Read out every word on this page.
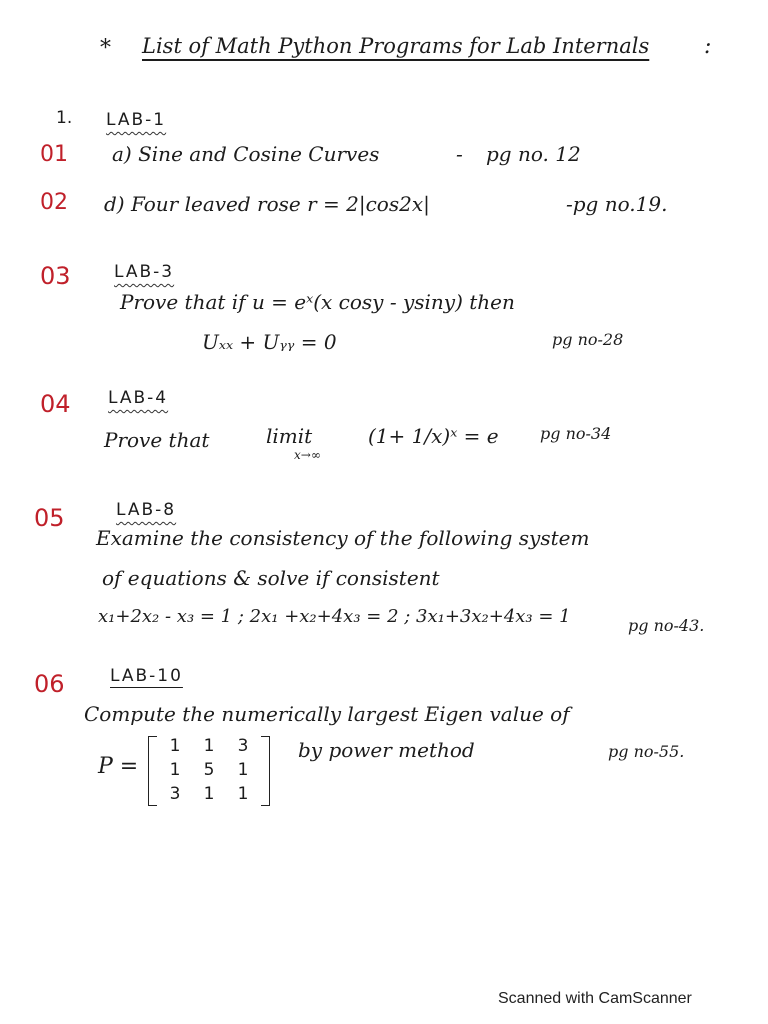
* List of Math Python Programs for Lab Internals :
1. LAB-1
01 a) Sine and Cosine Curves	- pg no. 12
02 d) Four leaved rose r = 2|cos2x|	-pg no.19.
03	LAB-3
Prove that if u = eˣ(x cosy - ysiny) then
Uₓₓ + Uᵧᵧ = 0	pg no-28
04 LAB-4
Prove that	limit
x→∞
(1+ 1/x)ˣ = e	pg no-34
05	LAB-8
Examine the consistency of the following system
of equations & solve if consistent
x₁+2x₂ - x₃ = 1 ; 2x₁ +x₂+4x₃ = 2 ; 3x₁+3x₂+4x₃ = 1	pg no-43.
06	LAB-10
Compute the numerically largest Eigen value of
P =
1	1	3
1	5	1
3	1	1
by power method	pg no-55.
Scanned with CamScanner
